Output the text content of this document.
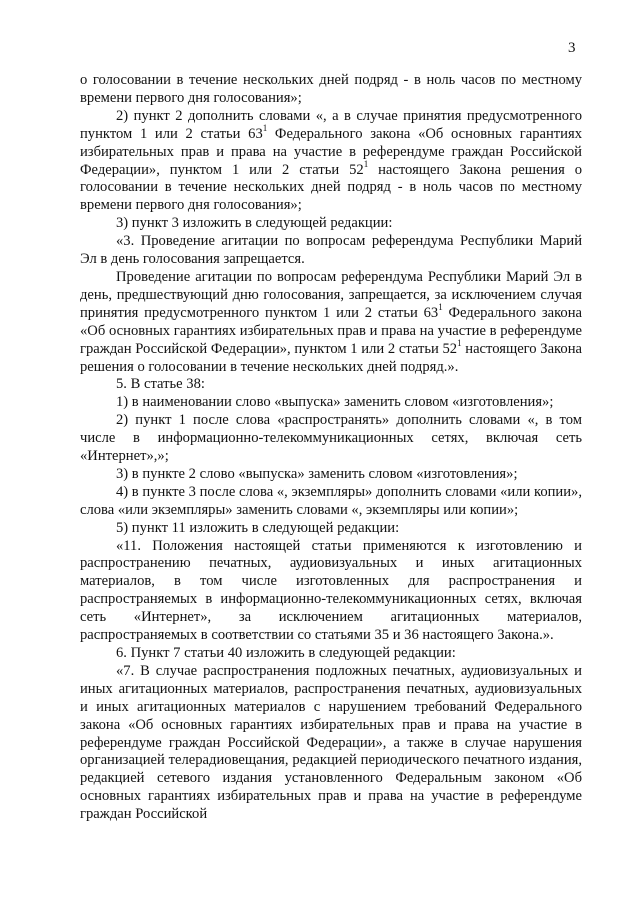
3

о голосовании в течение нескольких дней подряд - в ноль часов по местному времени первого дня голосования»;

2) пункт 2 дополнить словами «, а в случае принятия предусмотренного пунктом 1 или 2 статьи $63^1$ Федерального закона «Об основных гарантиях избирательных прав и права на участие в референдуме граждан Российской Федерации», пунктом 1 или 2 статьи $52^1$ настоящего Закона решения о голосовании в течение нескольких дней подряд - в ноль часов по местному времени первого дня голосования»;

3) пункт 3 изложить в следующей редакции:

«3. Проведение агитации по вопросам референдума Республики Марий Эл в день голосования запрещается.

Проведение агитации по вопросам референдума Республики Марий Эл в день, предшествующий дню голосования, запрещается, за исключением случая принятия предусмотренного пунктом 1 или 2 статьи $63^1$ Федерального закона «Об основных гарантиях избирательных прав и права на участие в референдуме граждан Российской Федерации», пунктом 1 или 2 статьи $52^1$ настоящего Закона решения о голосовании в течение нескольких дней подряд.».

5. В статье 38:

1) в наименовании слово «выпуска» заменить словом «изготовления»;

2) пункт 1 после слова «распространять» дополнить словами «, в том числе в информационно-телекоммуникационных сетях, включая сеть «Интернет»,»;

3) в пункте 2 слово «выпуска» заменить словом «изготовления»;

4) в пункте 3 после слова «, экземпляры» дополнить словами «или копии», слова «или экземпляры» заменить словами «, экземпляры или копии»;

5) пункт 11 изложить в следующей редакции:

«11. Положения настоящей статьи применяются к изготовлению и распространению печатных, аудиовизуальных и иных агитационных материалов, в том числе изготовленных для распространения и распространяемых в информационно-телекоммуникационных сетях, включая сеть «Интернет», за исключением агитационных материалов, распространяемых в соответствии со статьями 35 и 36 настоящего Закона.».

6. Пункт 7 статьи 40 изложить в следующей редакции:

«7. В случае распространения подложных печатных, аудиовизуальных и иных агитационных материалов, распространения печатных, аудиовизуальных и иных агитационных материалов с нарушением требований Федерального закона «Об основных гарантиях избирательных прав и права на участие в референдуме граждан Российской Федерации», а также в случае нарушения организацией телерадиовещания, редакцией периодического печатного издания, редакцией сетевого издания установленного Федеральным законом «Об основных гарантиях избирательных прав и права на участие в референдуме граждан Российской
